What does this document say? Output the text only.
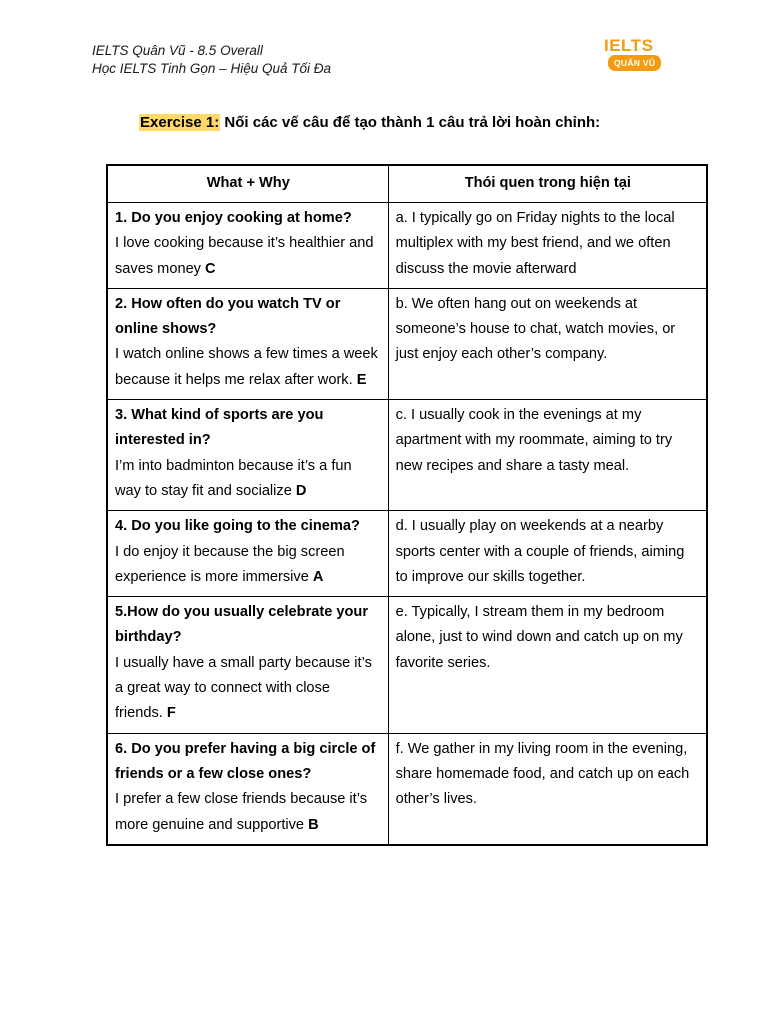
IELTS Quân Vũ - 8.5 Overall
Học IELTS Tinh Gọn – Hiệu Quả Tối Đa
IELTS
QUÂN VŨ
Exercise 1: Nối các vế câu để tạo thành 1 câu trả lời hoàn chỉnh:
What + Why	Thói quen trong hiện tại

1. Do you enjoy cooking at home?
I love cooking because it’s healthier and saves money C	a. I typically go on Friday nights to the local multiplex with my best friend, and we often discuss the movie afterward

2. How often do you watch TV or online shows?
I watch online shows a few times a week because it helps me relax after work. E	b. We often hang out on weekends at someone’s house to chat, watch movies, or just enjoy each other’s company.

3. What kind of sports are you interested in?
I’m into badminton because it’s a fun way to stay fit and socialize D	c. I usually cook in the evenings at my apartment with my roommate, aiming to try new recipes and share a tasty meal.

4. Do you like going to the cinema?
I do enjoy it because the big screen experience is more immersive A	d. I usually play on weekends at a nearby sports center with a couple of friends, aiming to improve our skills together.

5.How do you usually celebrate your birthday?
I usually have a small party because it’s a great way to connect with close friends. F	e. Typically, I stream them in my bedroom alone, just to wind down and catch up on my favorite series.

6. Do you prefer having a big circle of friends or a few close ones?
I prefer a few close friends because it’s more genuine and supportive B	f. We gather in my living room in the evening, share homemade food, and catch up on each other’s lives.
